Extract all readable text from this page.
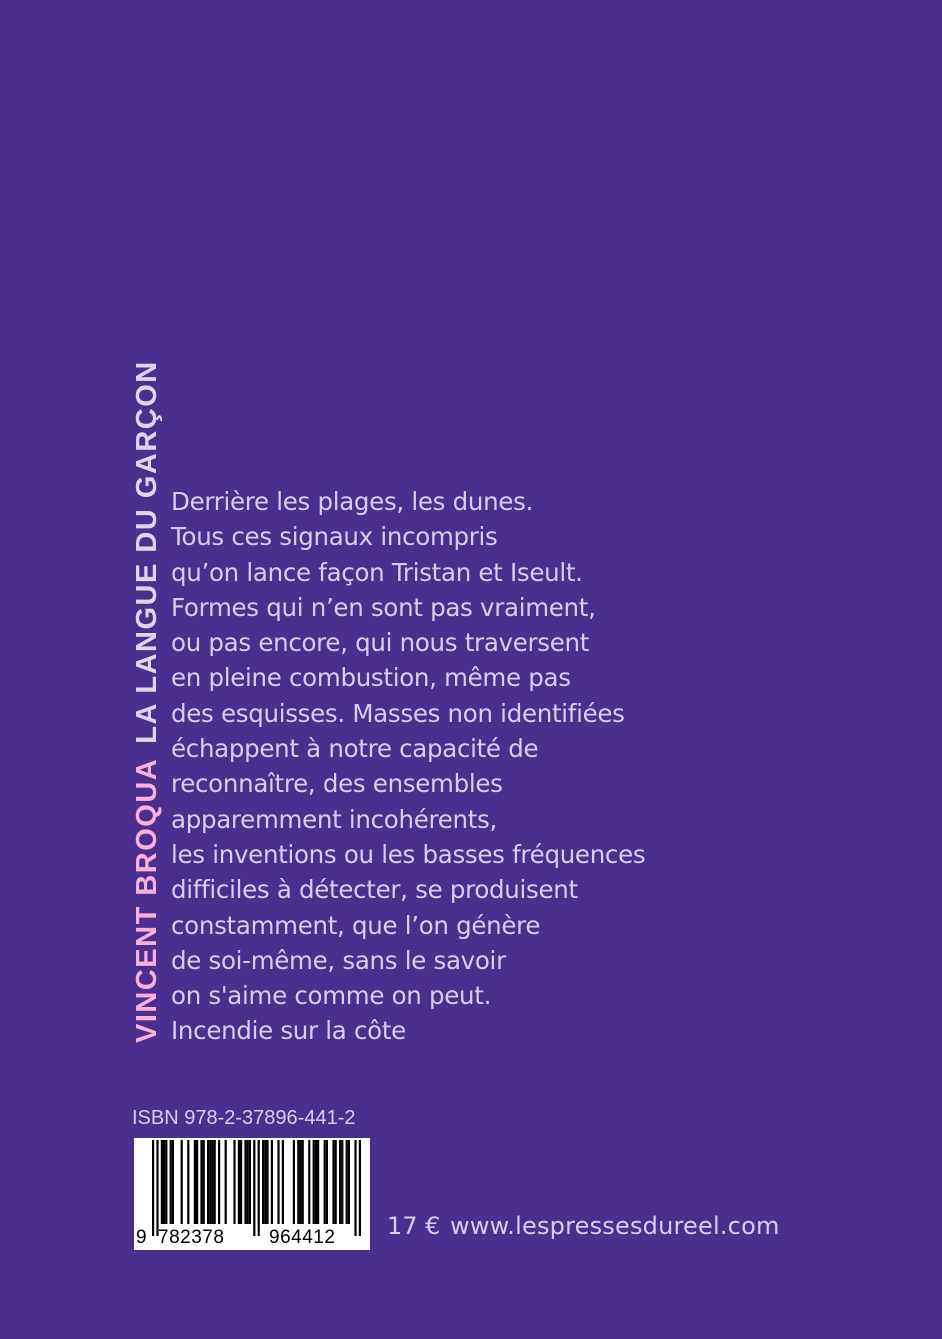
VINCENT BROQUALA LANGUE DU GARÇON Derrière les plages, les dunes.
Tous ces signaux incompris
qu’on lance façon Tristan et Iseult.
Formes qui n’en sont pas vraiment,
ou pas encore, qui nous traversent
en pleine combustion, même pas
des esquisses. Masses non identifiées
échappent à notre capacité de
reconnaître, des ensembles
apparemment incohérents,
les inventions ou les basses fréquences
difficiles à détecter, se produisent
constamment, que l’on génère
de soi-même, sans le savoir
on s'aime comme on peut.
Incendie sur la côte
ISBN 978-2-37896-441-2
9 782378 964412 17 € www.lespressesdureel.com
